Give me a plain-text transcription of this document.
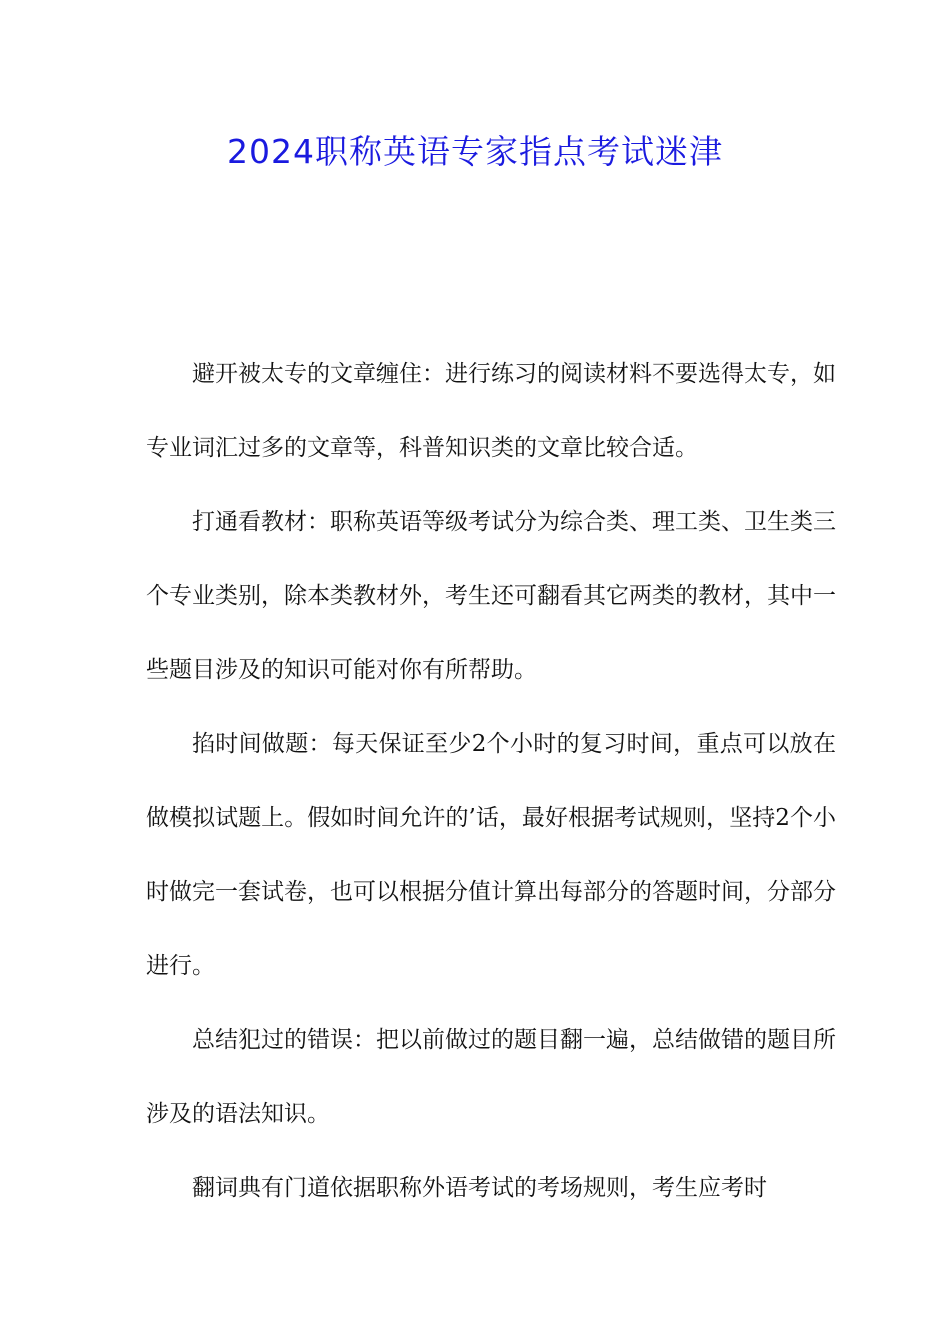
2024职称英语专家指点考试迷津

避开被太专的文章缠住：进行练习的阅读材料不要选得太专，如专业词汇过多的文章等，科普知识类的文章比较合适。

打通看教材：职称英语等级考试分为综合类、理工类、卫生类三个专业类别，除本类教材外，考生还可翻看其它两类的教材，其中一些题目涉及的知识可能对你有所帮助。

掐时间做题：每天保证至少2个小时的复习时间，重点可以放在做模拟试题上。假如时间允许的’话，最好根据考试规则，坚持2个小时做完一套试卷，也可以根据分值计算出每部分的答题时间，分部分进行。

总结犯过的错误：把以前做过的题目翻一遍，总结做错的题目所涉及的语法知识。

翻词典有门道依据职称外语考试的考场规则，考生应考时
